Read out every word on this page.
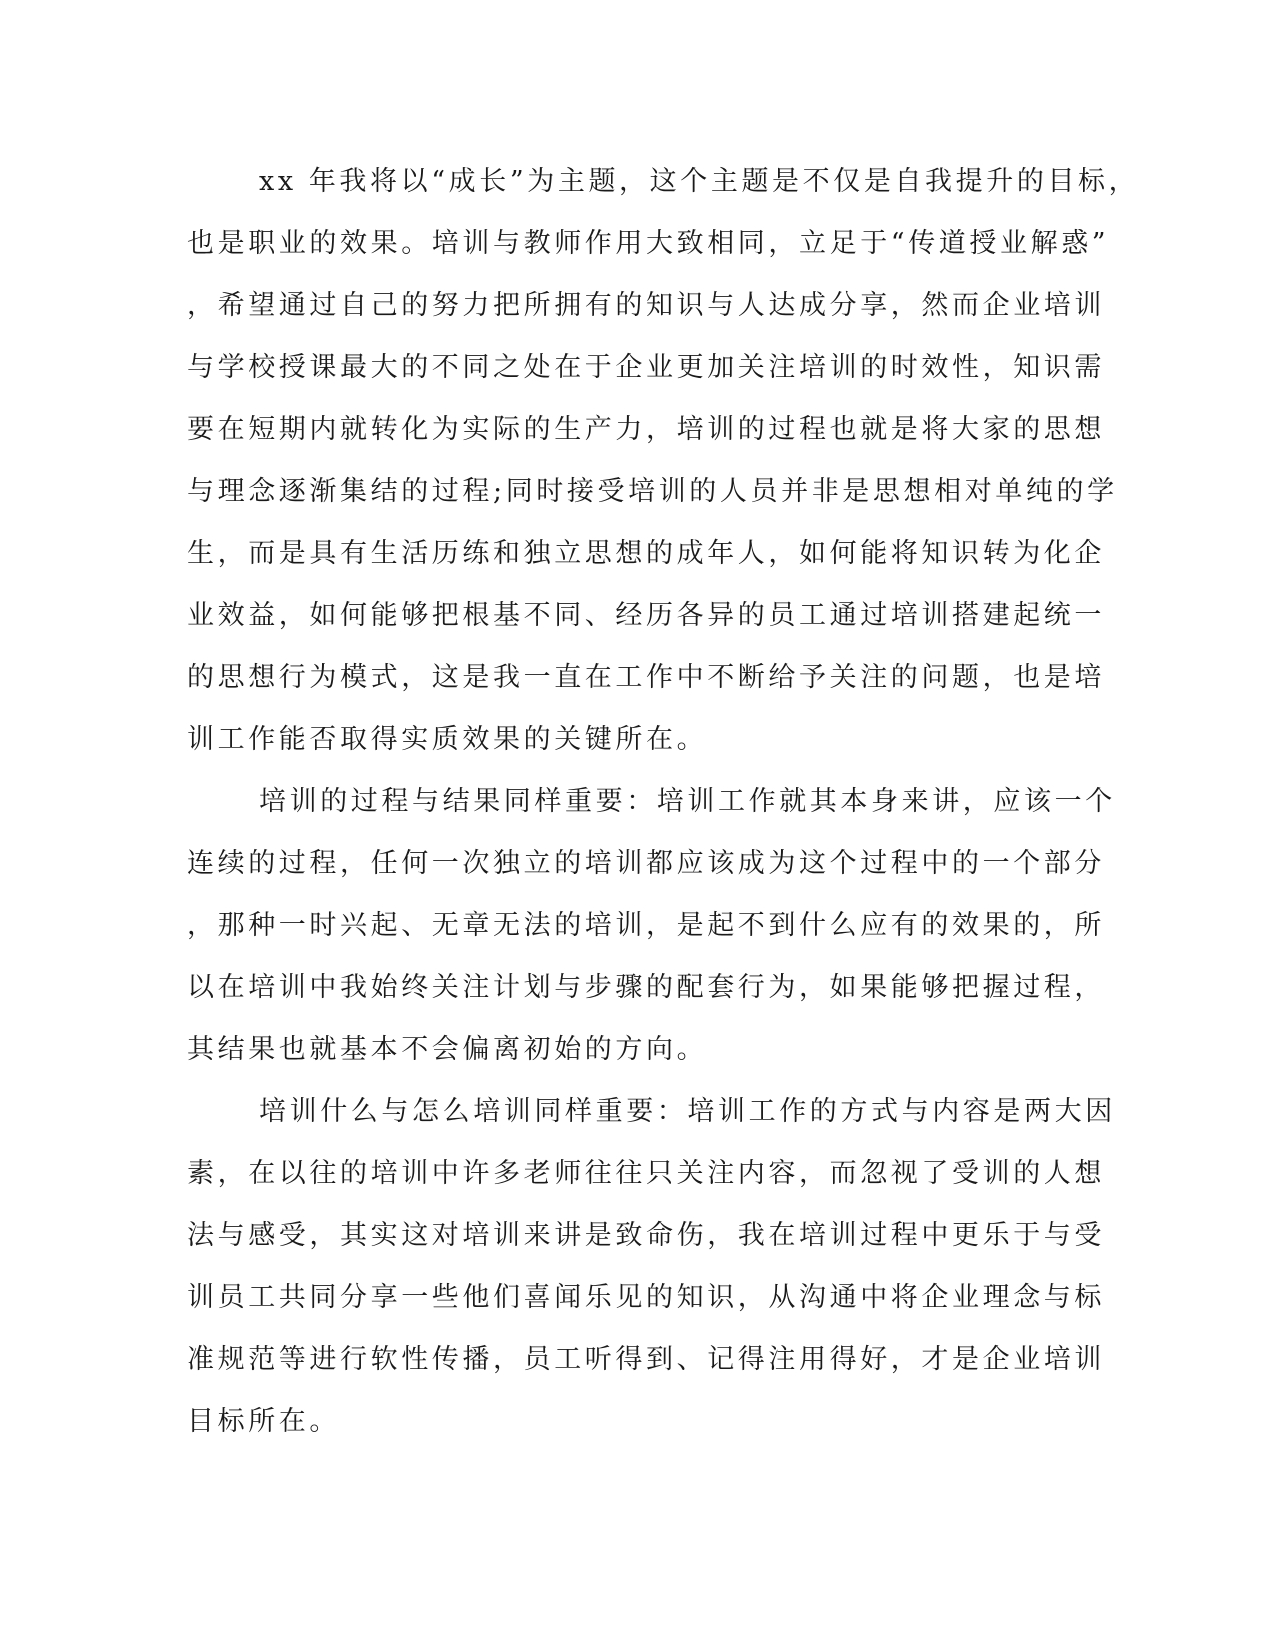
xx 年我将以“成长”为主题，这个主题是不仅是自我提升的目标，
也是职业的效果。培训与教师作用大致相同，立足于“传道授业解惑”
，希望通过自己的努力把所拥有的知识与人达成分享，然而企业培训
与学校授课最大的不同之处在于企业更加关注培训的时效性，知识需
要在短期内就转化为实际的生产力，培训的过程也就是将大家的思想
与理念逐渐集结的过程;同时接受培训的人员并非是思想相对单纯的学
生，而是具有生活历练和独立思想的成年人，如何能将知识转为化企
业效益，如何能够把根基不同、经历各异的员工通过培训搭建起统一
的思想行为模式，这是我一直在工作中不断给予关注的问题，也是培
训工作能否取得实质效果的关键所在。
培训的过程与结果同样重要：培训工作就其本身来讲，应该一个
连续的过程，任何一次独立的培训都应该成为这个过程中的一个部分
，那种一时兴起、无章无法的培训，是起不到什么应有的效果的，所
以在培训中我始终关注计划与步骤的配套行为，如果能够把握过程，
其结果也就基本不会偏离初始的方向。
培训什么与怎么培训同样重要：培训工作的方式与内容是两大因
素，在以往的培训中许多老师往往只关注内容，而忽视了受训的人想
法与感受，其实这对培训来讲是致命伤，我在培训过程中更乐于与受
训员工共同分享一些他们喜闻乐见的知识，从沟通中将企业理念与标
准规范等进行软性传播，员工听得到、记得注用得好，才是企业培训
目标所在。
